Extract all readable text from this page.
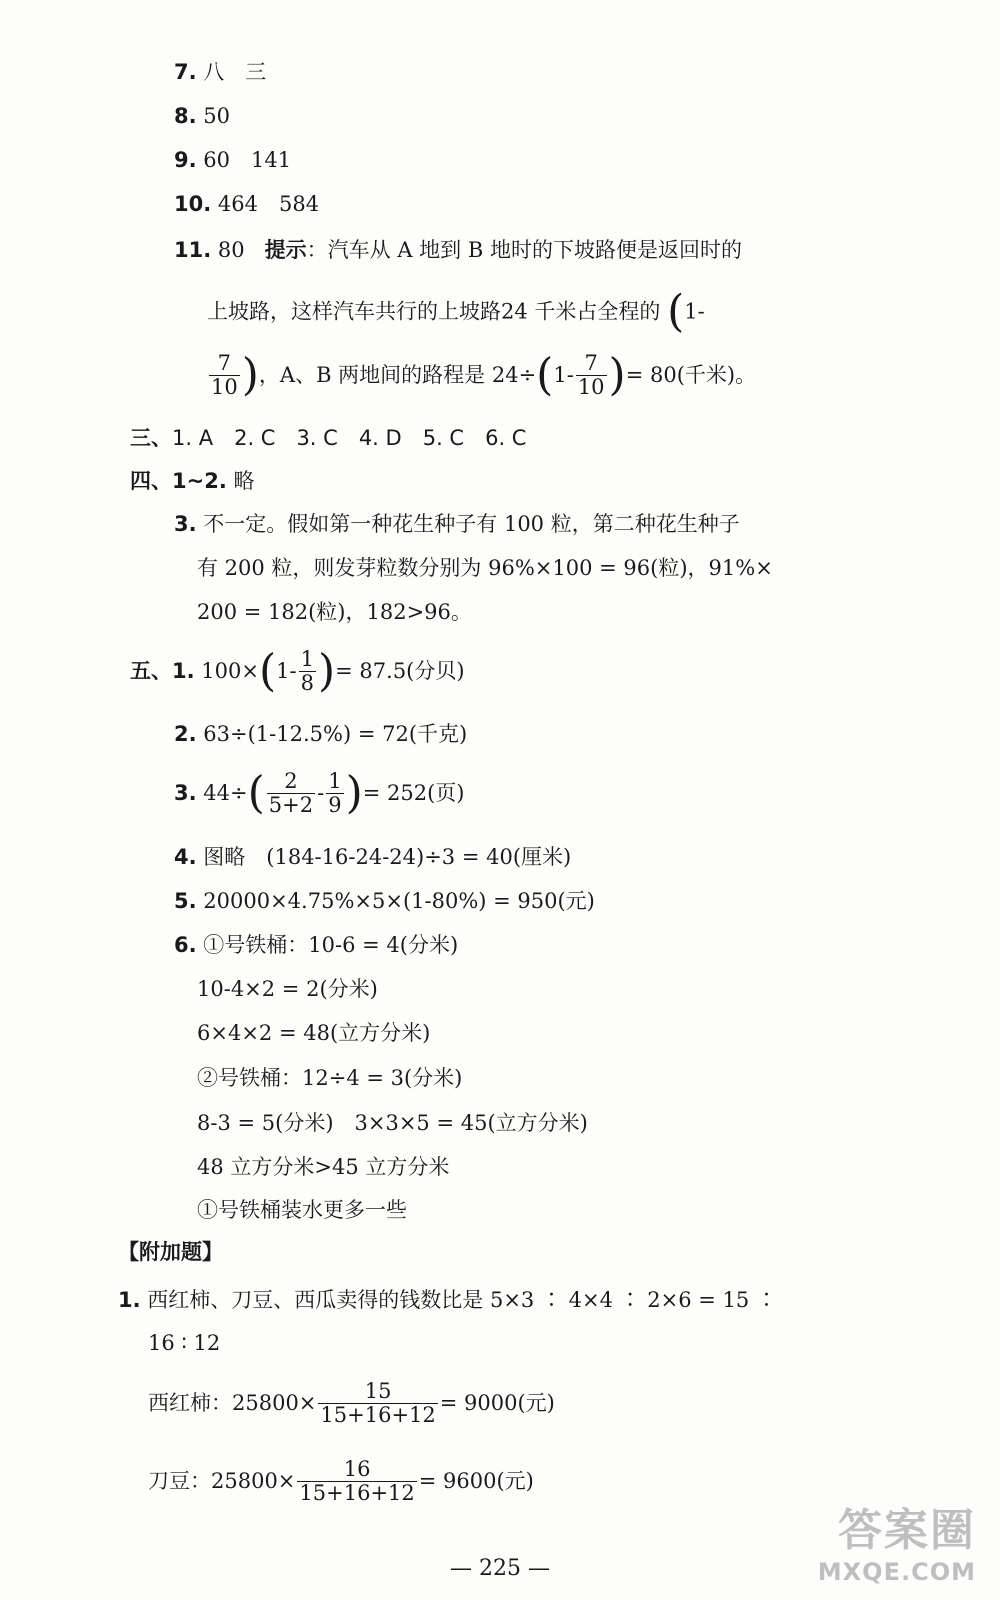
7. 八　三
8. 50
9. 60　141
10. 464　584
11. 80 提示：汽车从 A 地到 B 地时的下坡路便是返回时的
上坡路，这样汽车共行的上坡路24 千米占全程的 (1-
$\frac{7}{10}$ )，A、B 两地间的路程是 $24\div(1- \frac{7}{10}$ )= 80(千米)。
三、1. A　2. C　3. C　4. D　5. C　6. C
四、1~2. 略
3. 不一定。假如第一种花生种子有 100 粒，第二种花生种子
有 200 粒，则发芽粒数分别为 96%×100 = 96(粒)，91%×
200 = 182(粒)，182>96。
五、1. $100\times(1- \frac{1}{8}$ )= 87.5(分贝)
2. 63÷(1-12.5%) = 72(千克)
3. $44\div( \frac{2}{5+2} - \frac{1}{9}$ )= 252(页)
4. 图略　(184-16-24-24)÷3 = 40(厘米)
5. 20000×4.75%×5×(1-80%) = 950(元)
6. ①号铁桶：10-6 = 4(分米)
10-4×2 = 2(分米)
6×4×2 = 48(立方分米)
②号铁桶：12÷4 = 3(分米)
8-3 = 5(分米)　3×3×5 = 45(立方分米)
48 立方分米>45 立方分米
①号铁桶装水更多一些
【附加题】
1. 西红柿、刀豆、西瓜卖得的钱数比是 5×3 ∶ 4×4 ∶ 2×6 = 15 ∶
16 ∶ 12
西红柿：$25800\times \frac{15}{15+16+12} = 9000$(元)
刀豆：$25800\times \frac{16}{15+16+12} = 9600$(元)
— 225 —
答案圈
MXQE.COM
